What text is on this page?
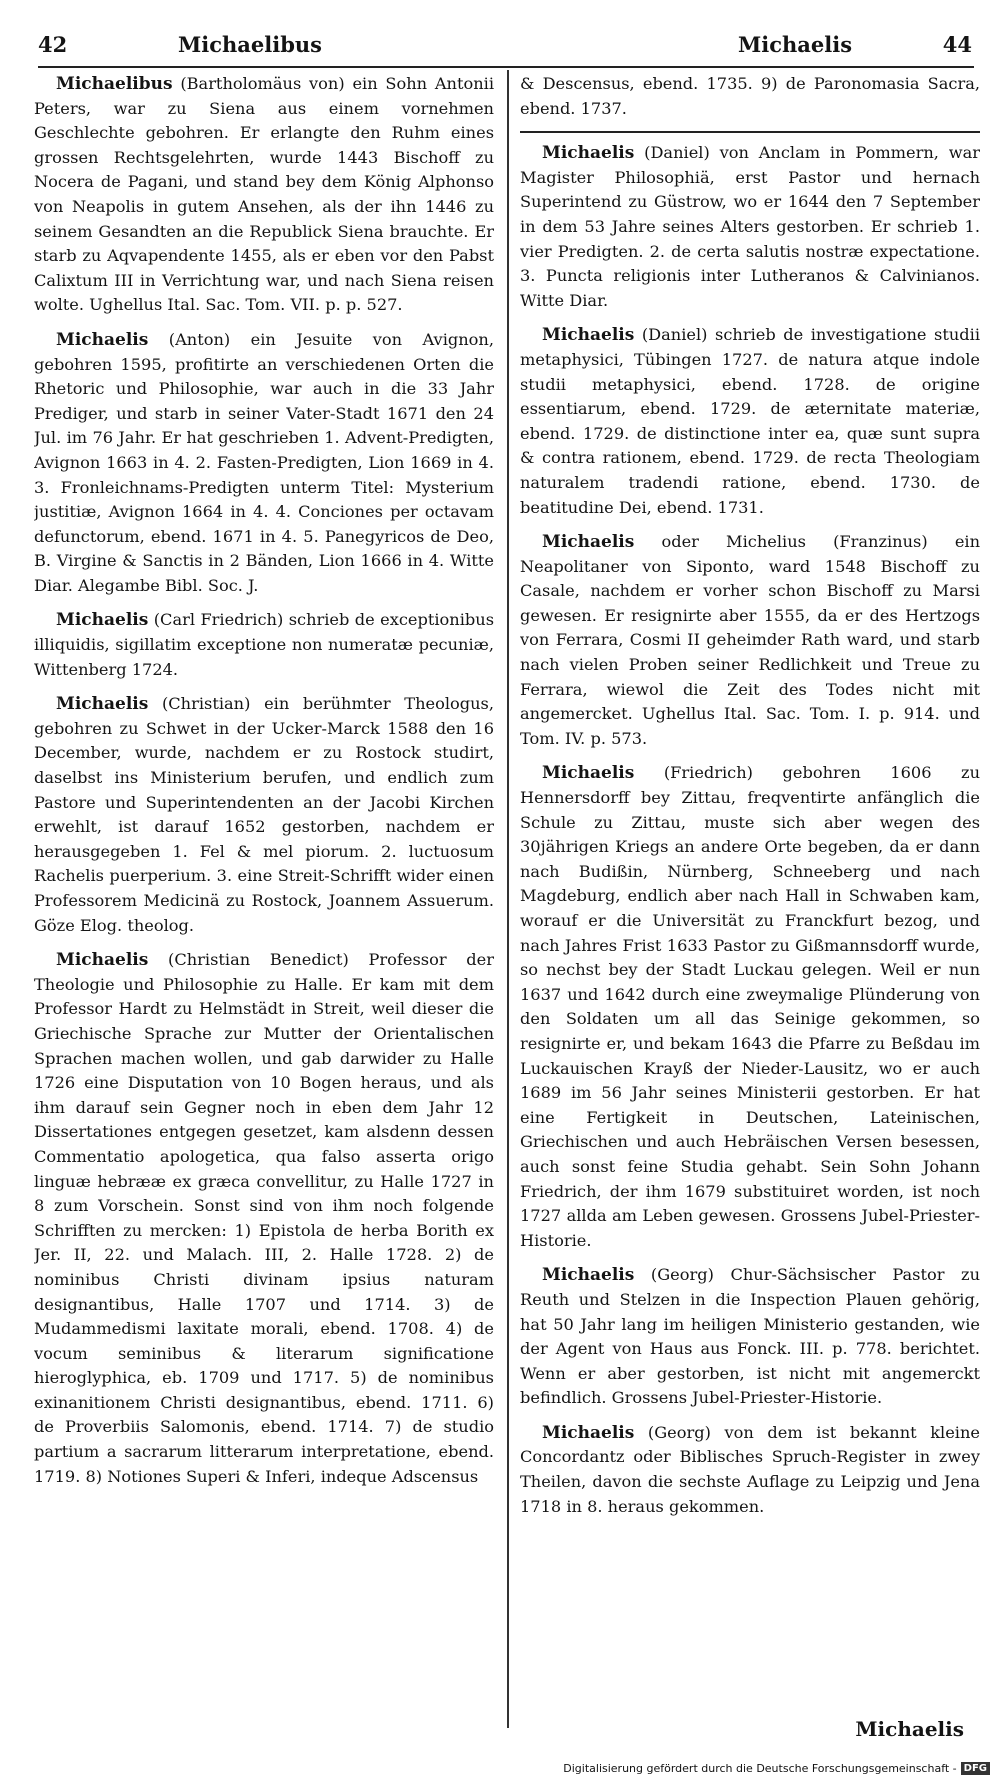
42	Michaelibus	Michaelis	44

Michaelibus (Bartholomäus von) ein Sohn Antonii Peters, war zu Siena aus einem vornehmen Geschlechte gebohren. Er erlangte den Ruhm eines grossen Rechtsgelehrten, wurde 1443 Bischoff zu Nocera de Pagani, und stand bey dem König Alphonso von Neapolis in gutem Ansehen, als der ihn 1446 zu seinem Gesandten an die Republick Siena brauchte. Er starb zu Aqvapendente 1455, als er eben vor den Pabst Calixtum III in Verrichtung war, und nach Siena reisen wolte. Ughellus Ital. Sac. Tom. VII. p. p. 527.

Michaelis (Anton) ein Jesuite von Avignon, gebohren 1595, profitirte an verschiedenen Orten die Rhetoric und Philosophie, war auch in die 33 Jahr Prediger, und starb in seiner Vater-Stadt 1671 den 24 Jul. im 76 Jahr. Er hat geschrieben 1. Advent-Predigten, Avignon 1663 in 4. 2. Fasten-Predigten, Lion 1669 in 4. 3. Fronleichnams-Predigten unterm Titel: Mysterium justitiæ, Avignon 1664 in 4. 4. Conciones per octavam defunctorum, ebend. 1671 in 4. 5. Panegyricos de Deo, B. Virgine & Sanctis in 2 Bänden, Lion 1666 in 4. Witte Diar. Alegambe Bibl. Soc. J.

Michaelis (Carl Friedrich) schrieb de exceptionibus illiquidis, sigillatim exceptione non numeratæ pecuniæ, Wittenberg 1724.

Michaelis (Christian) ein berühmter Theologus, gebohren zu Schwet in der Ucker-Marck 1588 den 16 December, wurde, nachdem er zu Rostock studirt, daselbst ins Ministerium berufen, und endlich zum Pastore und Superintendenten an der Jacobi Kirchen erwehlt, ist darauf 1652 gestorben, nachdem er herausgegeben 1. Fel & mel piorum. 2. luctuosum Rachelis puerperium. 3. eine Streit-Schrifft wider einen Professorem Medicinä zu Rostock, Joannem Assuerum. Göze Elog. theolog.

Michaelis (Christian Benedict) Professor der Theologie und Philosophie zu Halle. Er kam mit dem Professor Hardt zu Helmstädt in Streit, weil dieser die Griechische Sprache zur Mutter der Orientalischen Sprachen machen wollen, und gab darwider zu Halle 1726 eine Disputation von 10 Bogen heraus, und als ihm darauf sein Gegner noch in eben dem Jahr 12 Dissertationes entgegen gesetzet, kam alsdenn dessen Commentatio apologetica, qua falso asserta origo linguæ hebrææ ex græca convellitur, zu Halle 1727 in 8 zum Vorschein. Sonst sind von ihm noch folgende Schrifften zu mercken: 1) Epistola de herba Borith ex Jer. II, 22. und Malach. III, 2. Halle 1728. 2) de nominibus Christi divinam ipsius naturam designantibus, Halle 1707 und 1714. 3) de Mudammedismi laxitate morali, ebend. 1708. 4) de vocum seminibus & literarum significatione hieroglyphica, eb. 1709 und 1717. 5) de nominibus exinanitionem Christi designantibus, ebend. 1711. 6) de Proverbiis Salomonis, ebend. 1714. 7) de studio partium a sacrarum litterarum interpretatione, ebend. 1719. 8) Notiones Superi & Inferi, indeque Adscensus

& Descensus, ebend. 1735. 9) de Paronomasia Sacra, ebend. 1737.

Michaelis (Daniel) von Anclam in Pommern, war Magister Philosophiä, erst Pastor und hernach Superintend zu Güstrow, wo er 1644 den 7 September in dem 53 Jahre seines Alters gestorben. Er schrieb 1. vier Predigten. 2. de certa salutis nostræ expectatione. 3. Puncta religionis inter Lutheranos & Calvinianos. Witte Diar.

Michaelis (Daniel) schrieb de investigatione studii metaphysici, Tübingen 1727. de natura atque indole studii metaphysici, ebend. 1728. de origine essentiarum, ebend. 1729. de æternitate materiæ, ebend. 1729. de distinctione inter ea, quæ sunt supra & contra rationem, ebend. 1729. de recta Theologiam naturalem tradendi ratione, ebend. 1730. de beatitudine Dei, ebend. 1731.

Michaelis oder Michelius (Franzinus) ein Neapolitaner von Siponto, ward 1548 Bischoff zu Casale, nachdem er vorher schon Bischoff zu Marsi gewesen. Er resignirte aber 1555, da er des Hertzogs von Ferrara, Cosmi II geheimder Rath ward, und starb nach vielen Proben seiner Redlichkeit und Treue zu Ferrara, wiewol die Zeit des Todes nicht mit angemercket. Ughellus Ital. Sac. Tom. I. p. 914. und Tom. IV. p. 573.

Michaelis (Friedrich) gebohren 1606 zu Hennersdorff bey Zittau, freqventirte anfänglich die Schule zu Zittau, muste sich aber wegen des 30jährigen Kriegs an andere Orte begeben, da er dann nach Budißin, Nürnberg, Schneeberg und nach Magdeburg, endlich aber nach Hall in Schwaben kam, worauf er die Universität zu Franckfurt bezog, und nach Jahres Frist 1633 Pastor zu Gißmannsdorff wurde, so nechst bey der Stadt Luckau gelegen. Weil er nun 1637 und 1642 durch eine zweymalige Plünderung von den Soldaten um all das Seinige gekommen, so resignirte er, und bekam 1643 die Pfarre zu Beßdau im Luckauischen Krayß der Nieder-Lausitz, wo er auch 1689 im 56 Jahr seines Ministerii gestorben. Er hat eine Fertigkeit in Deutschen, Lateinischen, Griechischen und auch Hebräischen Versen besessen, auch sonst feine Studia gehabt. Sein Sohn Johann Friedrich, der ihm 1679 substituiret worden, ist noch 1727 allda am Leben gewesen. Grossens Jubel-Priester-Historie.

Michaelis (Georg) Chur-Sächsischer Pastor zu Reuth und Stelzen in die Inspection Plauen gehörig, hat 50 Jahr lang im heiligen Ministerio gestanden, wie der Agent von Haus aus Fonck. III. p. 778. berichtet. Wenn er aber gestorben, ist nicht mit angemerckt befindlich. Grossens Jubel-Priester-Historie.

Michaelis (Georg) von dem ist bekannt kleine Concordantz oder Biblisches Spruch-Register in zwey Theilen, davon die sechste Auflage zu Leipzig und Jena 1718 in 8. heraus gekommen.

Michaelis
Digitalisierung gefördert durch die Deutsche Forschungsgemeinschaft - DFG
